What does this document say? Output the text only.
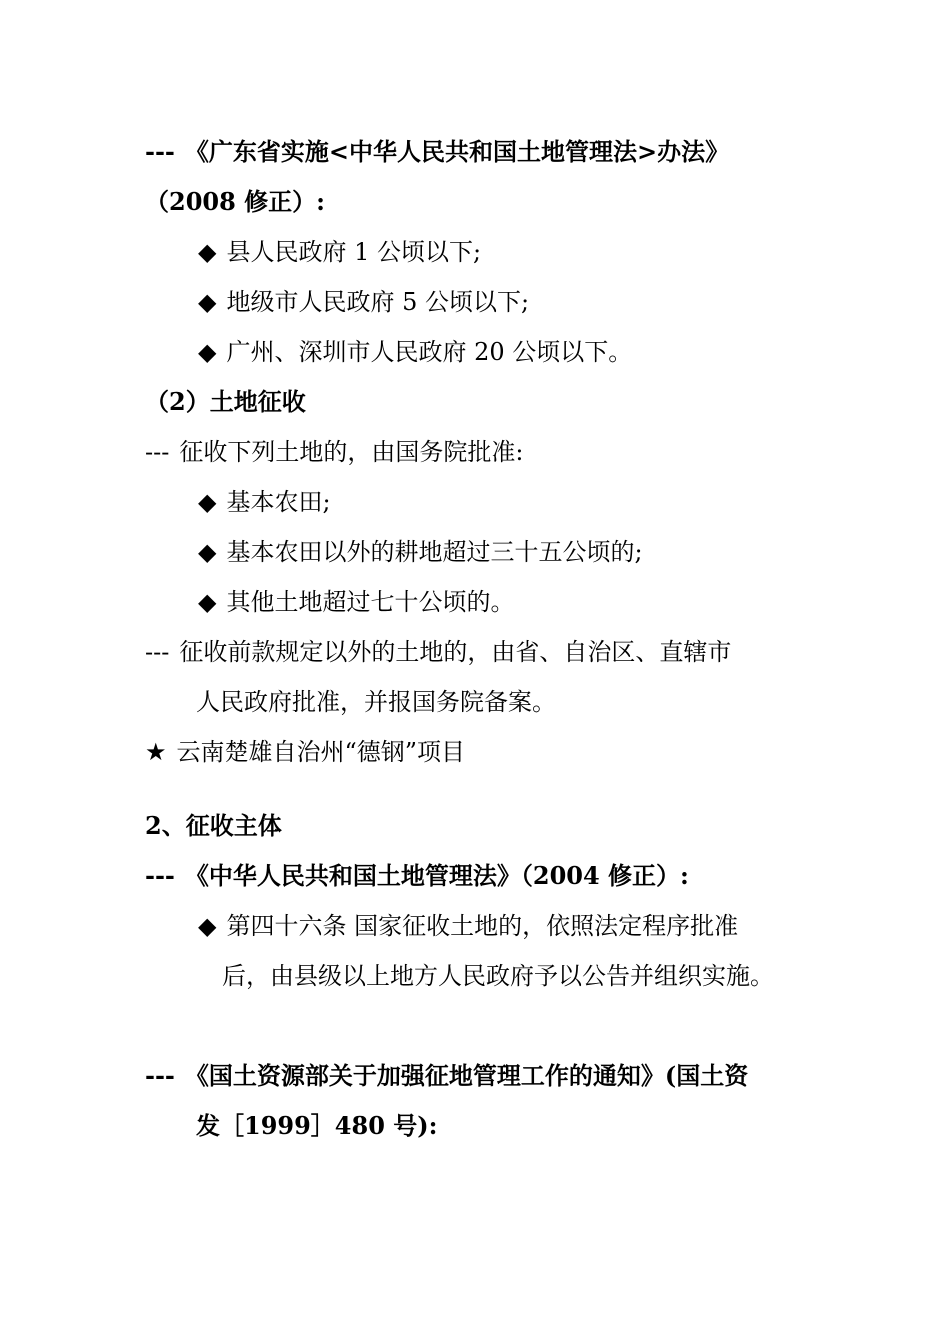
--- 《广东省实施<中华人民共和国土地管理法>办法》
（2008 修正）:
◆ 县人民政府 1 公顷以下;
◆ 地级市人民政府 5 公顷以下;
◆ 广州、深圳市人民政府 20 公顷以下。
（2）土地征收
--- 征收下列土地的，由国务院批准:
◆ 基本农田;
◆ 基本农田以外的耕地超过三十五公顷的;
◆ 其他土地超过七十公顷的。
--- 征收前款规定以外的土地的，由省、自治区、直辖市
人民政府批准，并报国务院备案。
★ 云南楚雄自治州“德钢”项目
2、征收主体
--- 《中华人民共和国土地管理法》（2004 修正）:
◆ 第四十六条 国家征收土地的，依照法定程序批准
后，由县级以上地方人民政府予以公告并组织实施。
--- 《国土资源部关于加强征地管理工作的通知》(国土资
发［1999］480 号):
